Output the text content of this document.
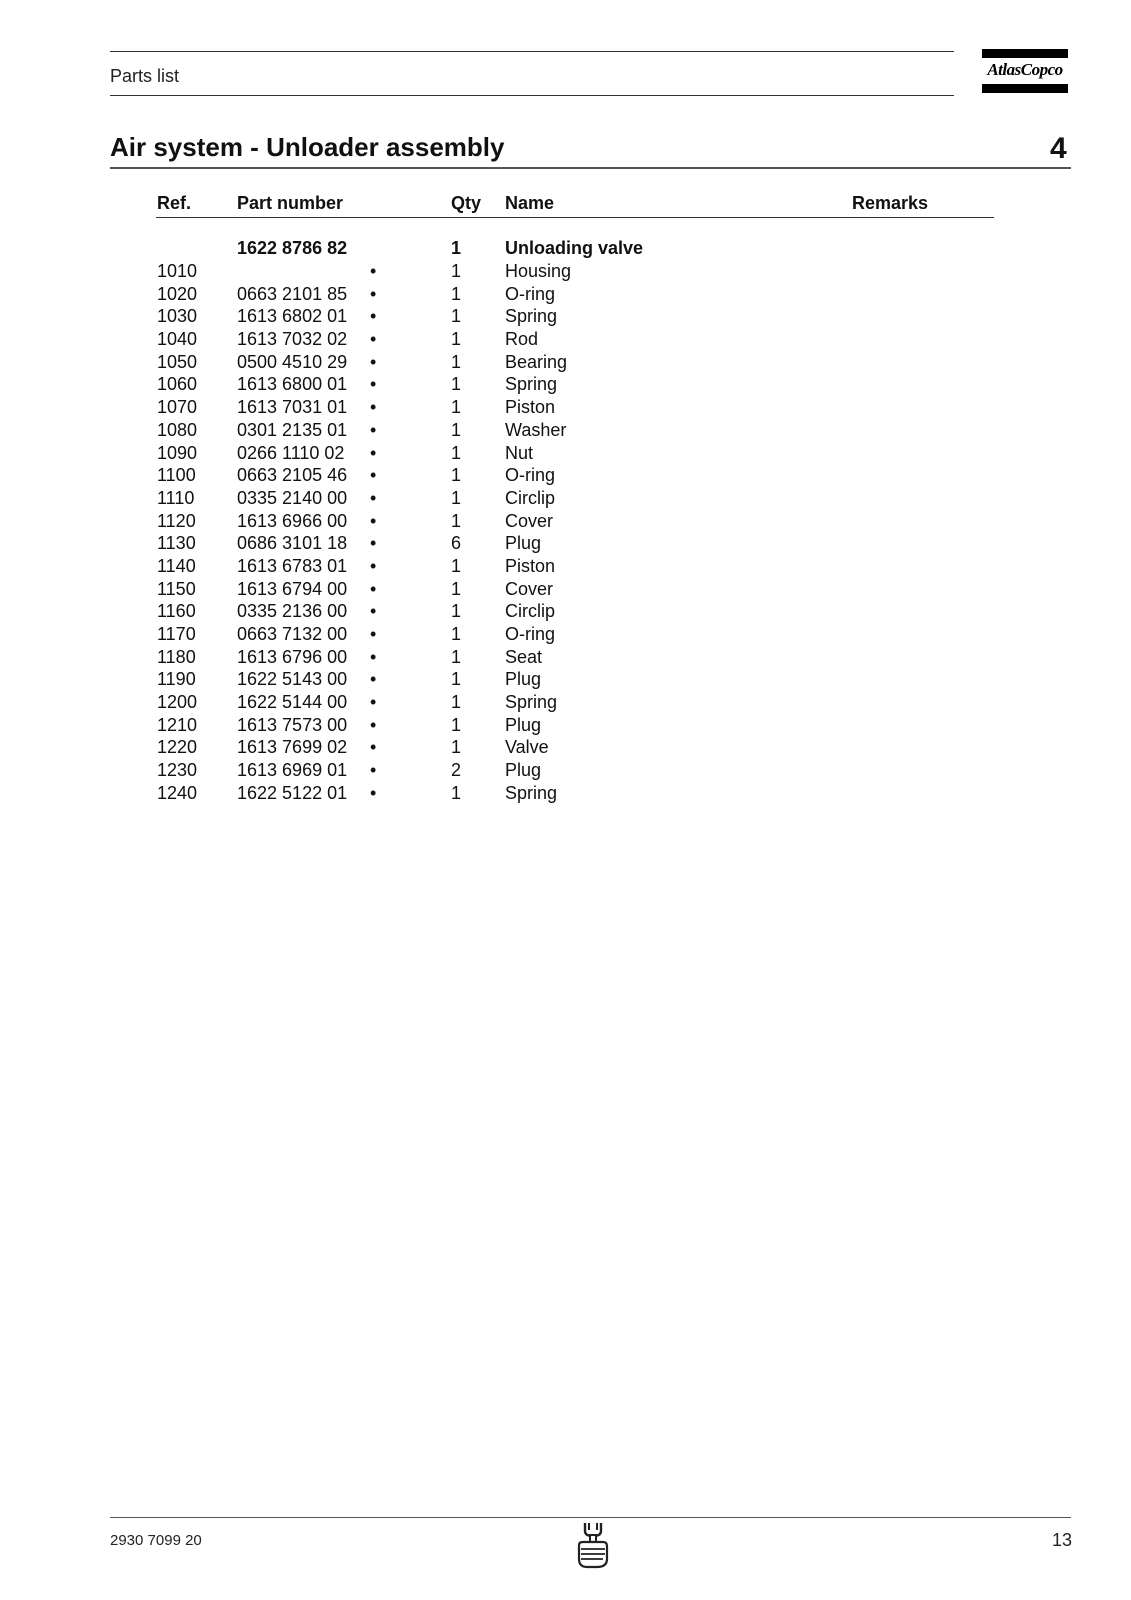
Parts list	AtlasCopco
Air system - Unloader assembly	4
Ref.	Part number	Qty Name	Remarks
1622 8786 82	1 Unloading valve
1010	•	1 Housing
1020 0663 2101 85 •	1 O-ring
1030 1613 6802 01 •	1 Spring
1040 1613 7032 02 •	1 Rod
1050 0500 4510 29 •	1 Bearing
1060 1613 6800 01 •	1 Spring
1070 1613 7031 01 •	1 Piston
1080 0301 2135 01 •	1 Washer
1090 0266 1110 02 •	1 Nut
1100 0663 2105 46 •	1 O-ring
1110 0335 2140 00 •	1 Circlip
1120 1613 6966 00 •	1 Cover
1130 0686 3101 18 •	6 Plug
1140 1613 6783 01 •	1 Piston
1150 1613 6794 00 •	1 Cover
1160 0335 2136 00 •	1 Circlip
1170 0663 7132 00 •	1 O-ring
1180 1613 6796 00 •	1 Seat
1190 1622 5143 00 •	1 Plug
1200 1622 5144 00 •	1 Spring
1210 1613 7573 00 •	1 Plug
1220 1613 7699 02 •	1 Valve
1230 1613 6969 01 •	2 Plug
1240 1622 5122 01 •	1 Spring
2930 7099 20	13
